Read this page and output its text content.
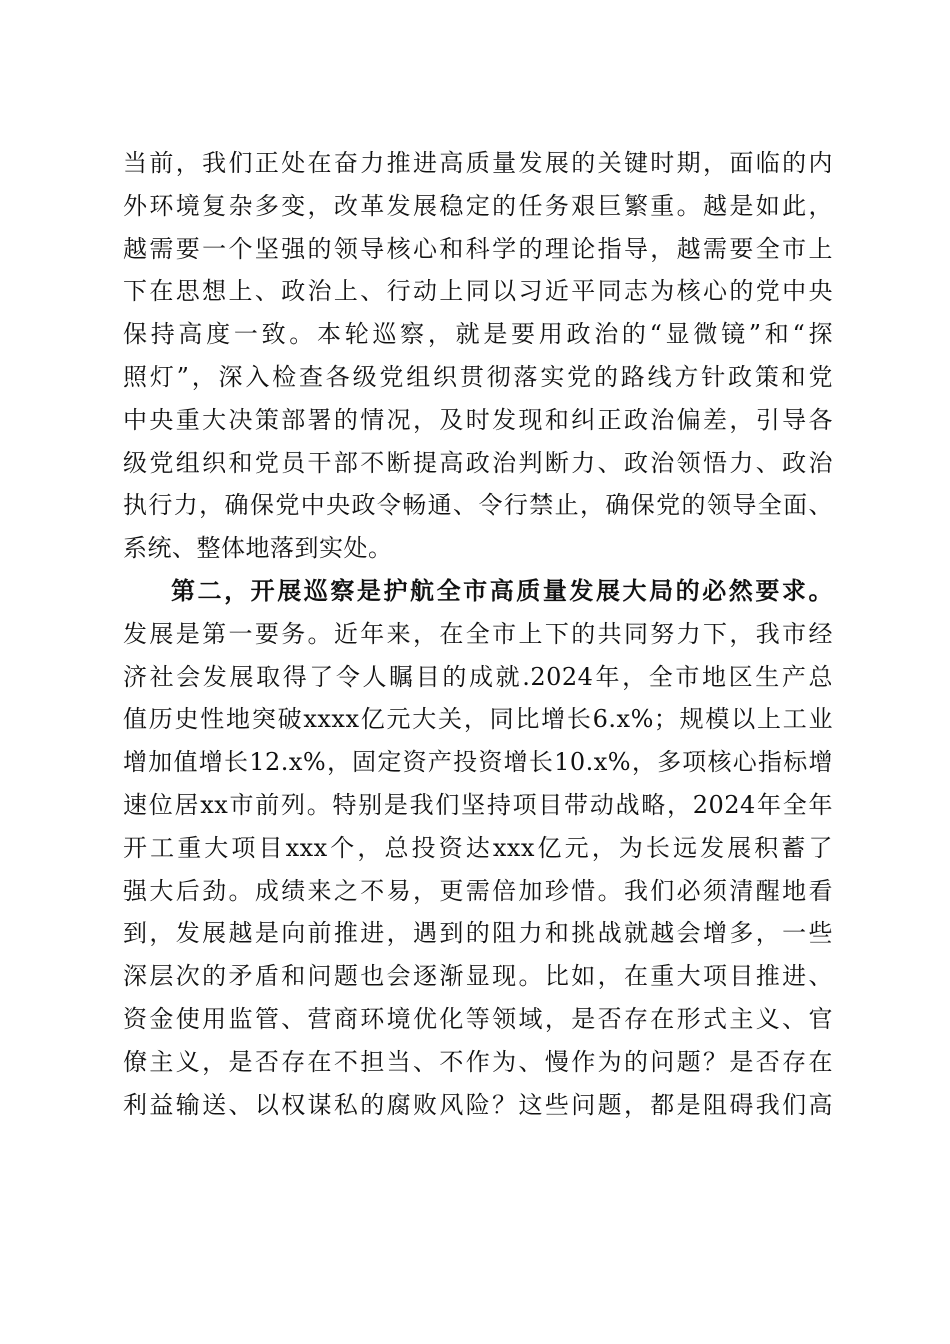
当前，我们正处在奋力推进高质量发展的关键时期，面临的内
外环境复杂多变，改革发展稳定的任务艰巨繁重。越是如此，
越需要一个坚强的领导核心和科学的理论指导，越需要全市上
下在思想上、政治上、行动上同以习近平同志为核心的党中央
保持高度一致。本轮巡察，就是要用政治的“显微镜”和“探
照灯”，深入检查各级党组织贯彻落实党的路线方针政策和党
中央重大决策部署的情况，及时发现和纠正政治偏差，引导各
级党组织和党员干部不断提高政治判断力、政治领悟力、政治
执行力，确保党中央政令畅通、令行禁止，确保党的领导全面、
系统、整体地落到实处。
第二，开展巡察是护航全市高质量发展大局的必然要求。
发展是第一要务。近年来，在全市上下的共同努力下，我市经
济社会发展取得了令人瞩目的成就.2024年，全市地区生产总
值历史性地突破xxxx亿元大关，同比增长6.x%；规模以上工业
增加值增长12.x%，固定资产投资增长10.x%，多项核心指标增
速位居xx市前列。特别是我们坚持项目带动战略，2024年全年
开工重大项目xxx个，总投资达xxx亿元，为长远发展积蓄了
强大后劲。成绩来之不易，更需倍加珍惜。我们必须清醒地看
到，发展越是向前推进，遇到的阻力和挑战就越会增多，一些
深层次的矛盾和问题也会逐渐显现。比如，在重大项目推进、
资金使用监管、营商环境优化等领域，是否存在形式主义、官
僚主义，是否存在不担当、不作为、慢作为的问题？是否存在
利益输送、以权谋私的腐败风险？这些问题，都是阻碍我们高
